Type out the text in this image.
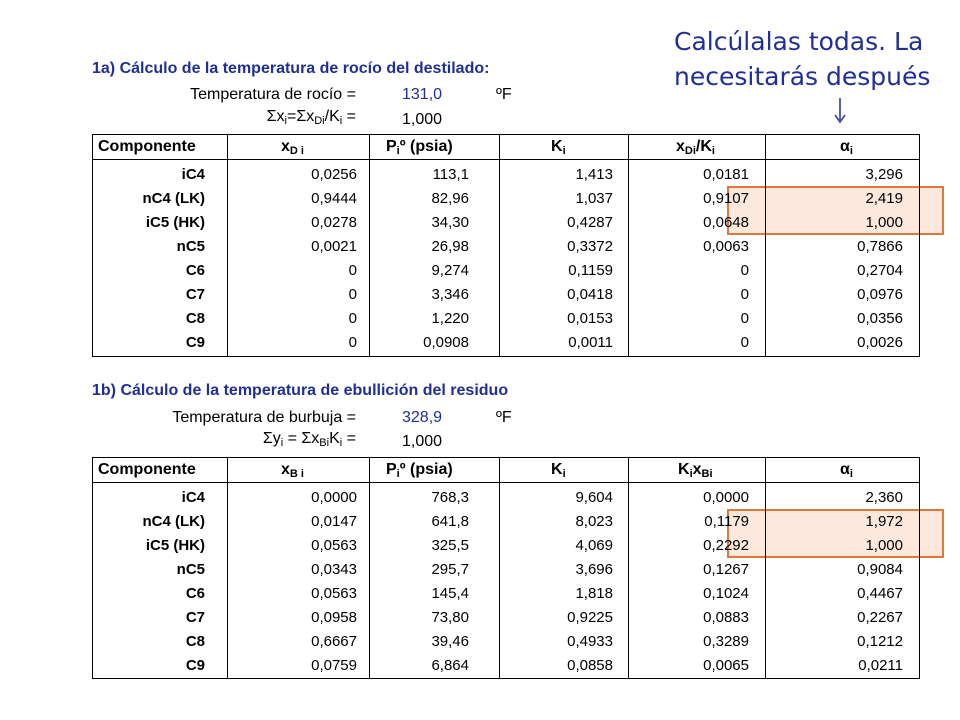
Calcúlalas todas. La
necesitarás después
1a) Cálculo de la temperatura de rocío del destilado:
Temperatura de rocío =	131,0	ºF
$\Sigma x_i=\Sigma x_{Di}/K_i$ =	1,000
Componente	$x_{D i}$	$P_iº$ (psia)	$K_i$	$x_{Di}/K_i$	$\alpha_i$
iC4	0,0256	113,1	1,413	0,0181	3,296
nC4 (LK)	0,9444	82,96	1,037	0,9107	2,419
iC5 (HK)	0,0278	34,30	0,4287	0,0648	1,000
nC5	0,0021	26,98	0,3372	0,0063	0,7866
C6	0	9,274	0,1159	0	0,2704
C7	0	3,346	0,0418	0	0,0976
C8	0	1,220	0,0153	0	0,0356
C9	0	0,0908	0,0011	0	0,0026
1b) Cálculo de la temperatura de ebullición del residuo
Temperatura de burbuja =	328,9	ºF
$\Sigma y_i = \Sigma x_{Bi}K_i$ =	1,000
Componente	$x_{B i}$	$P_iº$ (psia)	$K_i$	$K_ix_{Bi}$	$\alpha_i$
iC4	0,0000	768,3	9,604	0,0000	2,360
nC4 (LK)	0,0147	641,8	8,023	0,1179	1,972
iC5 (HK)	0,0563	325,5	4,069	0,2292	1,000
nC5	0,0343	295,7	3,696	0,1267	0,9084
C6	0,0563	145,4	1,818	0,1024	0,4467
C7	0,0958	73,80	0,9225	0,0883	0,2267
C8	0,6667	39,46	0,4933	0,3289	0,1212
C9	0,0759	6,864	0,0858	0,0065	0,0211
